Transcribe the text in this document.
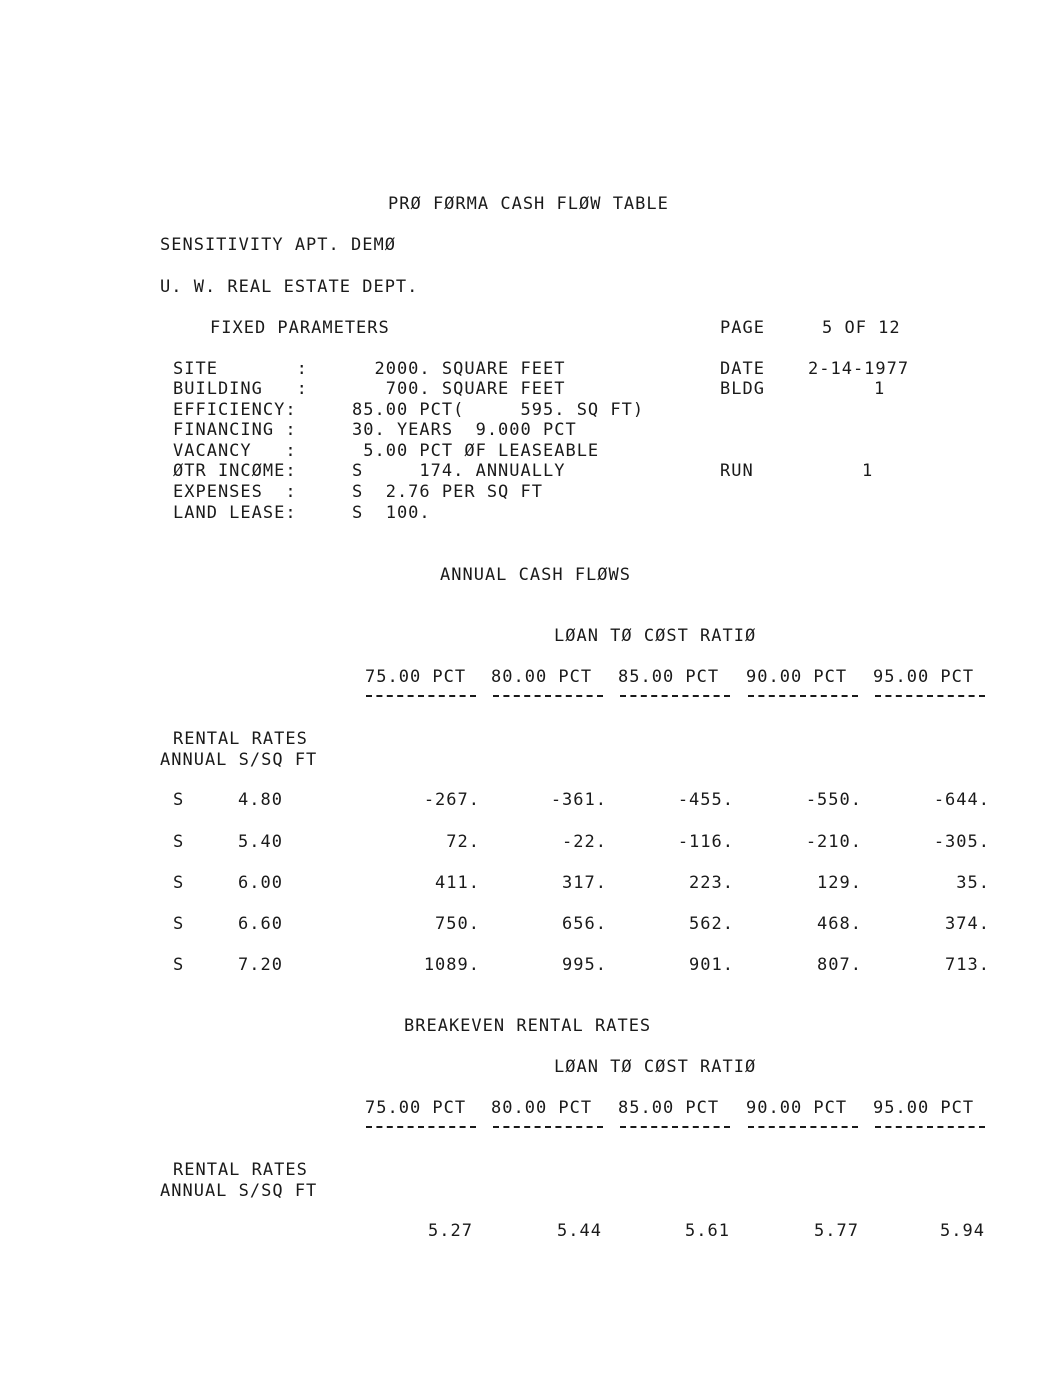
PRØ FØRMA CASH FLØW TABLE
SENSITIVITY APT. DEMØ
U. W. REAL ESTATE DEPT.
FIXED PARAMETERS	PAGE	5 OF 12
SITE       :	2000. SQUARE FEET
BUILDING   :	700. SQUARE FEET
EFFICIENCY:	85.00 PCT(     595. SQ FT)
FINANCING :	30. YEARS  9.000 PCT
VACANCY   :	5.00 PCT ØF LEASEABLE
ØTR INCØME:	S     174. ANNUALLY
EXPENSES  :	S  2.76 PER SQ FT
LAND LEASE:	S  100.
DATE	2-14-1977
BLDG	1
RUN	1
ANNUAL CASH FLØWS
LØAN TØ CØST RATIØ
75.00 PCT 80.00 PCT 85.00 PCT 90.00 PCT 95.00 PCT
RENTAL RATES
ANNUAL S/SQ FT
S	4.80	-267.	-361.	-455.	-550.	-644.
S	5.40	72.	-22.	-116.	-210.	-305.
S	6.00	411.	317.	223.	129.	35.
S	6.60	750.	656.	562.	468.	374.
S	7.20	1089.	995.	901.	807.	713.
BREAKEVEN RENTAL RATES
LØAN TØ CØST RATIØ
75.00 PCT 80.00 PCT 85.00 PCT 90.00 PCT 95.00 PCT
RENTAL RATES
ANNUAL S/SQ FT
5.27	5.44	5.61	5.77	5.94
